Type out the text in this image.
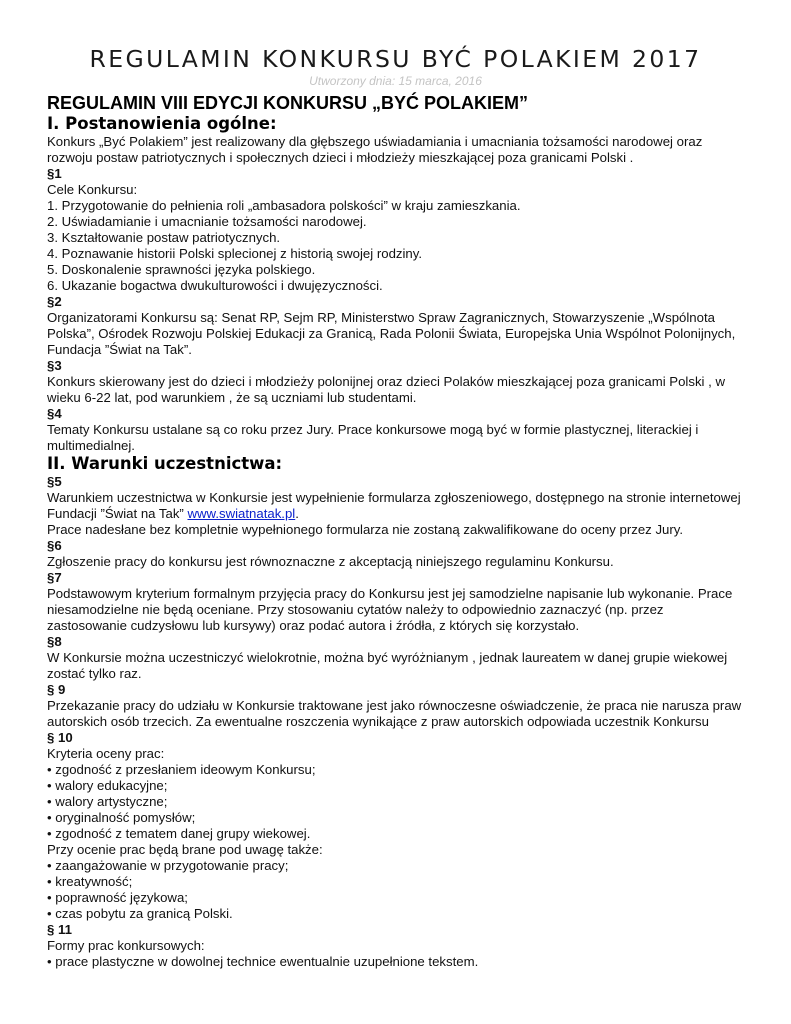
REGULAMIN KONKURSU BYĆ POLAKIEM 2017
Utworzony dnia: 15 marca, 2016
REGULAMIN VIII EDYCJI KONKURSU „BYĆ POLAKIEM”
I. Postanowienia ogólne:

Konkurs „Być Polakiem” jest realizowany dla głębszego uświadamiania i umacniania tożsamości narodowej oraz rozwoju postaw patriotycznych i społecznych dzieci i młodzieży mieszkającej poza granicami Polski .

§1
Cele Konkursu:
1. Przygotowanie do pełnienia roli „ambasadora polskości” w kraju zamieszkania.
2. Uświadamianie i umacnianie tożsamości narodowej.
3. Kształtowanie postaw patriotycznych.
4. Poznawanie historii Polski splecionej z historią swojej rodziny.
5. Doskonalenie sprawności języka polskiego.
6. Ukazanie bogactwa dwukulturowości i dwujęzyczności.
§2

Organizatorami Konkursu są: Senat RP, Sejm RP, Ministerstwo Spraw Zagranicznych, Stowarzyszenie „Wspólnota Polska”, Ośrodek Rozwoju Polskiej Edukacji za Granicą, Rada Polonii Świata, Europejska Unia Wspólnot Polonijnych, Fundacja ”Świat na Tak”.

§3

Konkurs skierowany jest do dzieci i młodzieży polonijnej oraz dzieci Polaków mieszkającej poza granicami Polski , w wieku 6-22 lat, pod warunkiem , że są uczniami lub studentami.

§4

Tematy Konkursu ustalane są co roku przez Jury. Prace konkursowe mogą być w formie plastycznej, literackiej i multimedialnej.

II. Warunki uczestnictwa:
§5

Warunkiem uczestnictwa w Konkursie jest wypełnienie formularza zgłoszeniowego, dostępnego na stronie internetowej Fundacji ”Świat na Tak” www.swiatnatak.pl.

Prace nadesłane bez kompletnie wypełnionego formularza nie zostaną zakwalifikowane do oceny przez Jury.

§6

Zgłoszenie pracy do konkursu jest równoznaczne z akceptacją niniejszego regulaminu Konkursu.

§7

Podstawowym kryterium formalnym przyjęcia pracy do Konkursu jest jej samodzielne napisanie lub wykonanie. Prace niesamodzielne nie będą oceniane. Przy stosowaniu cytatów należy to odpowiednio zaznaczyć (np. przez zastosowanie cudzysłowu lub kursywy) oraz podać autora i źródła, z których się korzystało.

§8

W Konkursie można uczestniczyć wielokrotnie, można być wyróżnianym , jednak laureatem w danej grupie wiekowej zostać tylko raz.

§ 9

Przekazanie pracy do udziału w Konkursie traktowane jest jako równoczesne oświadczenie, że praca nie narusza praw autorskich osób trzecich. Za ewentualne roszczenia wynikające z praw autorskich odpowiada uczestnik Konkursu

§ 10
Kryteria oceny prac:
• zgodność z przesłaniem ideowym Konkursu;
• walory edukacyjne;
• walory artystyczne;
• oryginalność pomysłów;
• zgodność z tematem danej grupy wiekowej.
Przy ocenie prac będą brane pod uwagę także:
• zaangażowanie w przygotowanie pracy;
• kreatywność;
• poprawność językowa;
• czas pobytu za granicą Polski.
§ 11
Formy prac konkursowych:
• prace plastyczne w dowolnej technice ewentualnie uzupełnione tekstem.
